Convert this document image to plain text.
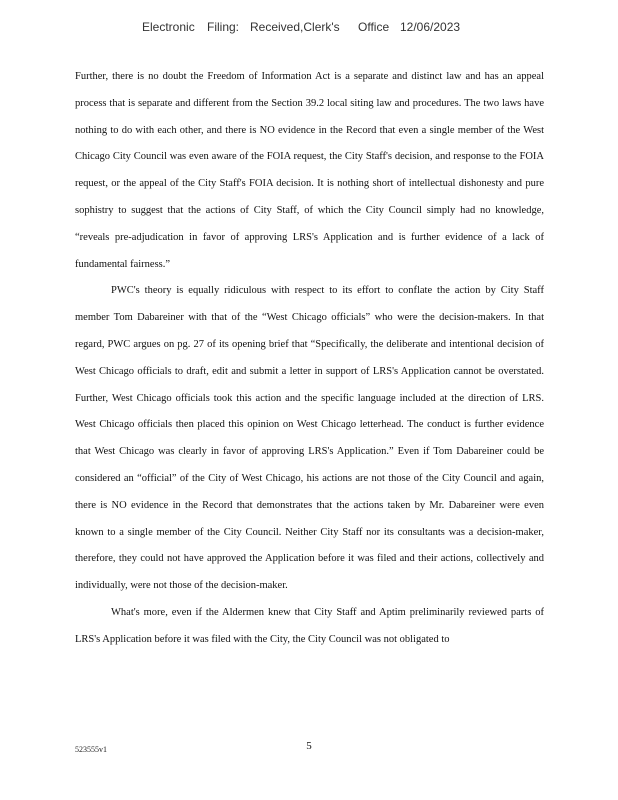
Electronic Filing: Received,Clerk's Office 12/06/2023

Further, there is no doubt the Freedom of Information Act is a separate and distinct law and has an appeal process that is separate and different from the Section 39.2 local siting law and procedures. The two laws have nothing to do with each other, and there is NO evidence in the Record that even a single member of the West Chicago City Council was even aware of the FOIA request, the City Staff's decision, and response to the FOIA request, or the appeal of the City Staff's FOIA decision. It is nothing short of intellectual dishonesty and pure sophistry to suggest that the actions of City Staff, of which the City Council simply had no knowledge, “reveals pre-adjudication in favor of approving LRS's Application and is further evidence of a lack of fundamental fairness.”

PWC's theory is equally ridiculous with respect to its effort to conflate the action by City Staff member Tom Dabareiner with that of the “West Chicago officials” who were the decision-makers. In that regard, PWC argues on pg. 27 of its opening brief that “Specifically, the deliberate and intentional decision of West Chicago officials to draft, edit and submit a letter in support of LRS's Application cannot be overstated. Further, West Chicago officials took this action and the specific language included at the direction of LRS. West Chicago officials then placed this opinion on West Chicago letterhead. The conduct is further evidence that West Chicago was clearly in favor of approving LRS's Application.” Even if Tom Dabareiner could be considered an “official” of the City of West Chicago, his actions are not those of the City Council and again, there is NO evidence in the Record that demonstrates that the actions taken by Mr. Dabareiner were even known to a single member of the City Council. Neither City Staff nor its consultants was a decision-maker, therefore, they could not have approved the Application before it was filed and their actions, collectively and individually, were not those of the decision-maker.

What's more, even if the Aldermen knew that City Staff and Aptim preliminarily reviewed parts of LRS's Application before it was filed with the City, the City Council was not obligated to

523555v1	5
